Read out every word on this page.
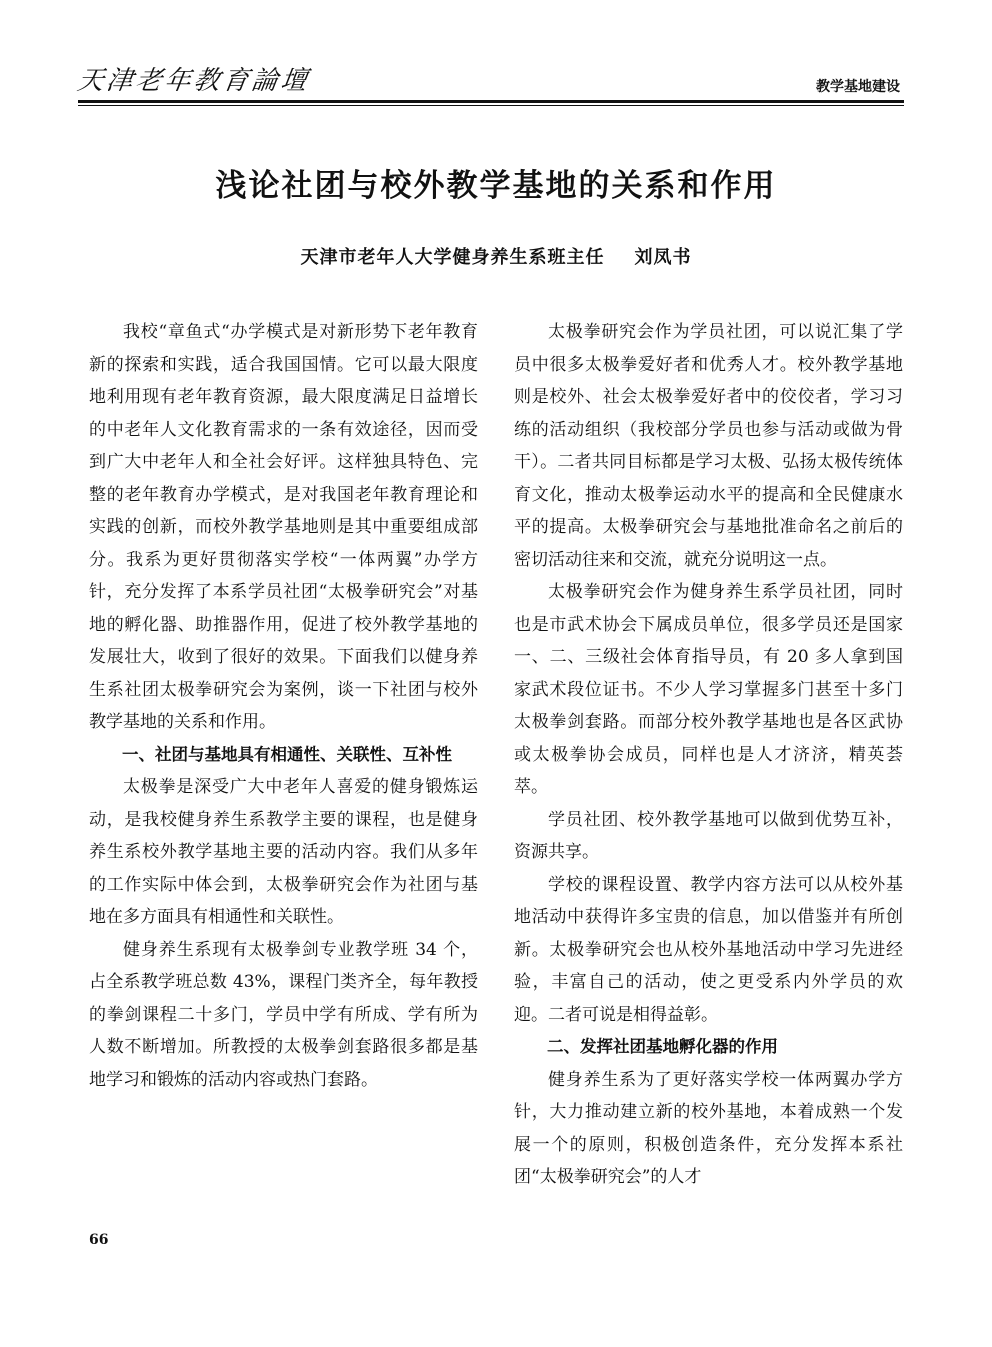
天津老年教育論壇	教学基地建设
浅论社团与校外教学基地的关系和作用
天津市老年人大学健身养生系班主任 刘凤书

我校“章鱼式“办学模式是对新形势下老年教育新的探索和实践，适合我国国情。它可以最大限度地利用现有老年教育资源，最大限度满足日益增长的中老年人文化教育需求的一条有效途径，因而受到广大中老年人和全社会好评。这样独具特色、完整的老年教育办学模式，是对我国老年教育理论和实践的创新，而校外教学基地则是其中重要组成部分。我系为更好贯彻落实学校“一体两翼”办学方针，充分发挥了本系学员社团“太极拳研究会”对基地的孵化器、助推器作用，促进了校外教学基地的发展壮大，收到了很好的效果。下面我们以健身养生系社团太极拳研究会为案例，谈一下社团与校外教学基地的关系和作用。

一、社团与基地具有相通性、关联性、互补性

太极拳是深受广大中老年人喜爱的健身锻炼运动，是我校健身养生系教学主要的课程，也是健身养生系校外教学基地主要的活动内容。我们从多年的工作实际中体会到，太极拳研究会作为社团与基地在多方面具有相通性和关联性。

健身养生系现有太极拳剑专业教学班 34 个，占全系教学班总数 43%，课程门类齐全，每年教授的拳剑课程二十多门，学员中学有所成、学有所为人数不断增加。所教授的太极拳剑套路很多都是基地学习和锻炼的活动内容或热门套路。

太极拳研究会作为学员社团，可以说汇集了学员中很多太极拳爱好者和优秀人才。校外教学基地则是校外、社会太极拳爱好者中的佼佼者，学习习练的活动组织（我校部分学员也参与活动或做为骨干）。二者共同目标都是学习太极、弘扬太极传统体育文化，推动太极拳运动水平的提高和全民健康水平的提高。太极拳研究会与基地批准命名之前后的密切活动往来和交流，就充分说明这一点。

太极拳研究会作为健身养生系学员社团，同时也是市武术协会下属成员单位，很多学员还是国家一、二、三级社会体育指导员，有 20 多人拿到国家武术段位证书。不少人学习掌握多门甚至十多门太极拳剑套路。而部分校外教学基地也是各区武协或太极拳协会成员，同样也是人才济济，精英荟萃。

学员社团、校外教学基地可以做到优势互补，资源共享。

学校的课程设置、教学内容方法可以从校外基地活动中获得许多宝贵的信息，加以借鉴并有所创新。太极拳研究会也从校外基地活动中学习先进经验，丰富自己的活动，使之更受系内外学员的欢迎。二者可说是相得益彰。

二、发挥社团基地孵化器的作用

健身养生系为了更好落实学校一体两翼办学方针，大力推动建立新的校外基地，本着成熟一个发展一个的原则，积极创造条件，充分发挥本系社团“太极拳研究会”的人才

66
